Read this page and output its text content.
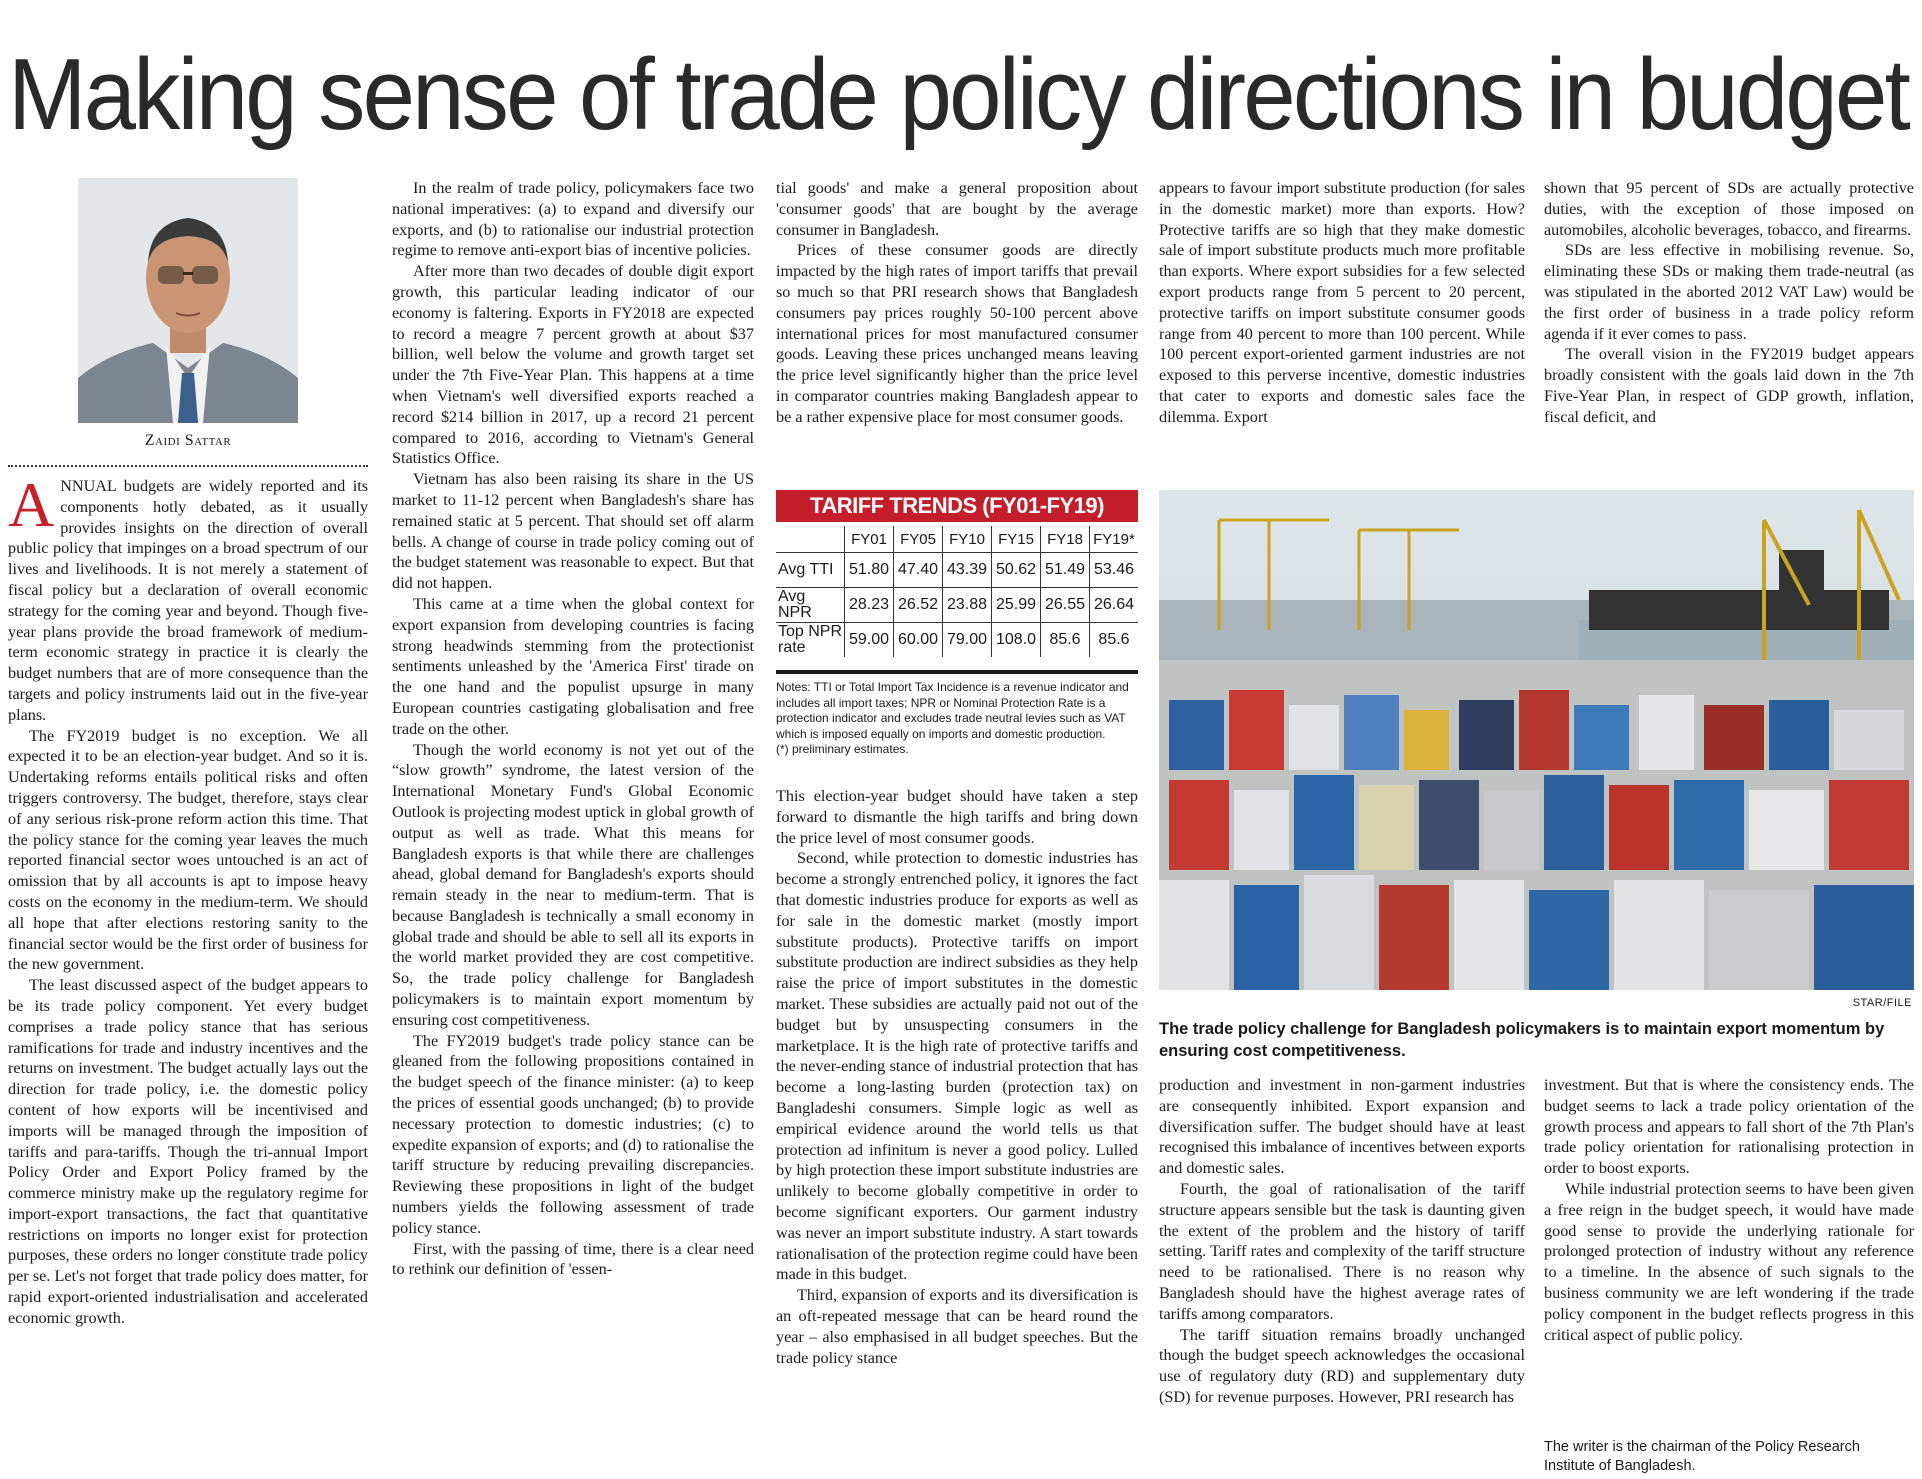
Making sense of trade policy directions in budget
Zaidi Sattar

ANNUAL budgets are widely reported and its components hotly debated, as it usually provides insights on the direction of overall public policy that impinges on a broad spectrum of our lives and livelihoods. It is not merely a statement of fiscal policy but a declaration of overall economic strategy for the coming year and beyond. Though five-year plans provide the broad framework of medium-term economic strategy in practice it is clearly the budget numbers that are of more consequence than the targets and policy instruments laid out in the five-year plans.

The FY2019 budget is no exception. We all expected it to be an election-year budget. And so it is. Undertaking reforms entails political risks and often triggers controversy. The budget, therefore, stays clear of any serious risk-prone reform action this time. That the policy stance for the coming year leaves the much reported financial sector woes untouched is an act of omission that by all accounts is apt to impose heavy costs on the economy in the medium-term. We should all hope that after elections restoring sanity to the financial sector would be the first order of business for the new government.

The least discussed aspect of the budget appears to be its trade policy component. Yet every budget comprises a trade policy stance that has serious ramifications for trade and industry incentives and the returns on investment. The budget actually lays out the direction for trade policy, i.e. the domestic policy content of how exports will be incentivised and imports will be managed through the imposition of tariffs and para-tariffs. Though the tri-annual Import Policy Order and Export Policy framed by the commerce ministry make up the regulatory regime for import-export transactions, the fact that quantitative restrictions on imports no longer exist for protection purposes, these orders no longer constitute trade policy per se. Let's not forget that trade policy does matter, for rapid export-oriented industrialisation and accelerated economic growth.

In the realm of trade policy, policymakers face two national imperatives: (a) to expand and diversify our exports, and (b) to rationalise our industrial protection regime to remove anti-export bias of incentive policies.

After more than two decades of double digit export growth, this particular leading indicator of our economy is faltering. Exports in FY2018 are expected to record a meagre 7 percent growth at about $37 billion, well below the volume and growth target set under the 7th Five-Year Plan. This happens at a time when Vietnam's well diversified exports reached a record $214 billion in 2017, up a record 21 percent compared to 2016, according to Vietnam's General Statistics Office.

Vietnam has also been raising its share in the US market to 11-12 percent when Bangladesh's share has remained static at 5 percent. That should set off alarm bells. A change of course in trade policy coming out of the budget statement was reasonable to expect. But that did not happen.

This came at a time when the global context for export expansion from developing countries is facing strong headwinds stemming from the protectionist sentiments unleashed by the 'America First' tirade on the one hand and the populist upsurge in many European countries castigating globalisation and free trade on the other.

Though the world economy is not yet out of the “slow growth” syndrome, the latest version of the International Monetary Fund's Global Economic Outlook is projecting modest uptick in global growth of output as well as trade. What this means for Bangladesh exports is that while there are challenges ahead, global demand for Bangladesh's exports should remain steady in the near to medium-term. That is because Bangladesh is technically a small economy in global trade and should be able to sell all its exports in the world market provided they are cost competitive. So, the trade policy challenge for Bangladesh policymakers is to maintain export momentum by ensuring cost competitiveness.

The FY2019 budget's trade policy stance can be gleaned from the following propositions contained in the budget speech of the finance minister: (a) to keep the prices of essential goods unchanged; (b) to provide necessary protection to domestic industries; (c) to expedite expansion of exports; and (d) to rationalise the tariff structure by reducing prevailing discrepancies. Reviewing these propositions in light of the budget numbers yields the following assessment of trade policy stance.

First, with the passing of time, there is a clear need to rethink our definition of 'essen-

tial goods' and make a general proposition about 'consumer goods' that are bought by the average consumer in Bangladesh.

Prices of these consumer goods are directly impacted by the high rates of import tariffs that prevail so much so that PRI research shows that Bangladesh consumers pay prices roughly 50-100 percent above international prices for most manufactured consumer goods. Leaving these prices unchanged means leaving the price level significantly higher than the price level in comparator countries making Bangladesh appear to be a rather expensive place for most consumer goods.

TARIFF TRENDS (FY01-FY19)
	FY01	FY05	FY10	FY15	FY18	FY19*
Avg TTI	51.80	47.40	43.39	50.62	51.49	53.46
Avg NPR	28.23	26.52	23.88	25.99	26.55	26.64
Top NPR rate	59.00	60.00	79.00	108.0	85.6	85.6
Notes: TTI or Total Import Tax Incidence is a revenue indicator and
includes all import taxes; NPR or Nominal Protection Rate is a
protection indicator and excludes trade neutral levies such as VAT
which is imposed equally on imports and domestic production.
(*) preliminary estimates.

This election-year budget should have taken a step forward to dismantle the high tariffs and bring down the price level of most consumer goods.

Second, while protection to domestic industries has become a strongly entrenched policy, it ignores the fact that domestic industries produce for exports as well as for sale in the domestic market (mostly import substitute products). Protective tariffs on import substitute production are indirect subsidies as they help raise the price of import substitutes in the domestic market. These subsidies are actually paid not out of the budget but by unsuspecting consumers in the marketplace. It is the high rate of protective tariffs and the never-ending stance of industrial protection that has become a long-lasting burden (protection tax) on Bangladeshi consumers. Simple logic as well as empirical evidence around the world tells us that protection ad infinitum is never a good policy. Lulled by high protection these import substitute industries are unlikely to become globally competitive in order to become significant exporters. Our garment industry was never an import substitute industry. A start towards rationalisation of the protection regime could have been made in this budget.

Third, expansion of exports and its diversification is an oft-repeated message that can be heard round the year – also emphasised in all budget speeches. But the trade policy stance

appears to favour import substitute production (for sales in the domestic market) more than exports. How? Protective tariffs are so high that they make domestic sale of import substitute products much more profitable than exports. Where export subsidies for a few selected export products range from 5 percent to 20 percent, protective tariffs on import substitute consumer goods range from 40 percent to more than 100 percent. While 100 percent export-oriented garment industries are not exposed to this perverse incentive, domestic industries that cater to exports and domestic sales face the dilemma. Export

shown that 95 percent of SDs are actually protective duties, with the exception of those imposed on automobiles, alcoholic beverages, tobacco, and firearms.

SDs are less effective in mobilising revenue. So, eliminating these SDs or making them trade-neutral (as was stipulated in the aborted 2012 VAT Law) would be the first order of business in a trade policy reform agenda if it ever comes to pass.

The overall vision in the FY2019 budget appears broadly consistent with the goals laid down in the 7th Five-Year Plan, in respect of GDP growth, inflation, fiscal deficit, and

STAR/FILE
The trade policy challenge for Bangladesh policymakers is to maintain export momentum by ensuring cost competitiveness.

production and investment in non-garment industries are consequently inhibited. Export expansion and diversification suffer. The budget should have at least recognised this imbalance of incentives between exports and domestic sales.

Fourth, the goal of rationalisation of the tariff structure appears sensible but the task is daunting given the extent of the problem and the history of tariff setting. Tariff rates and complexity of the tariff structure need to be rationalised. There is no reason why Bangladesh should have the highest average rates of tariffs among comparators.

The tariff situation remains broadly unchanged though the budget speech acknowledges the occasional use of regulatory duty (RD) and supplementary duty (SD) for revenue purposes. However, PRI research has

investment. But that is where the consistency ends. The budget seems to lack a trade policy orientation of the growth process and appears to fall short of the 7th Plan's trade policy orientation for rationalising protection in order to boost exports.

While industrial protection seems to have been given a free reign in the budget speech, it would have made good sense to provide the underlying rationale for prolonged protection of industry without any reference to a timeline. In the absence of such signals to the business community we are left wondering if the trade policy component in the budget reflects progress in this critical aspect of public policy.

The writer is the chairman of the Policy Research Institute of Bangladesh.
